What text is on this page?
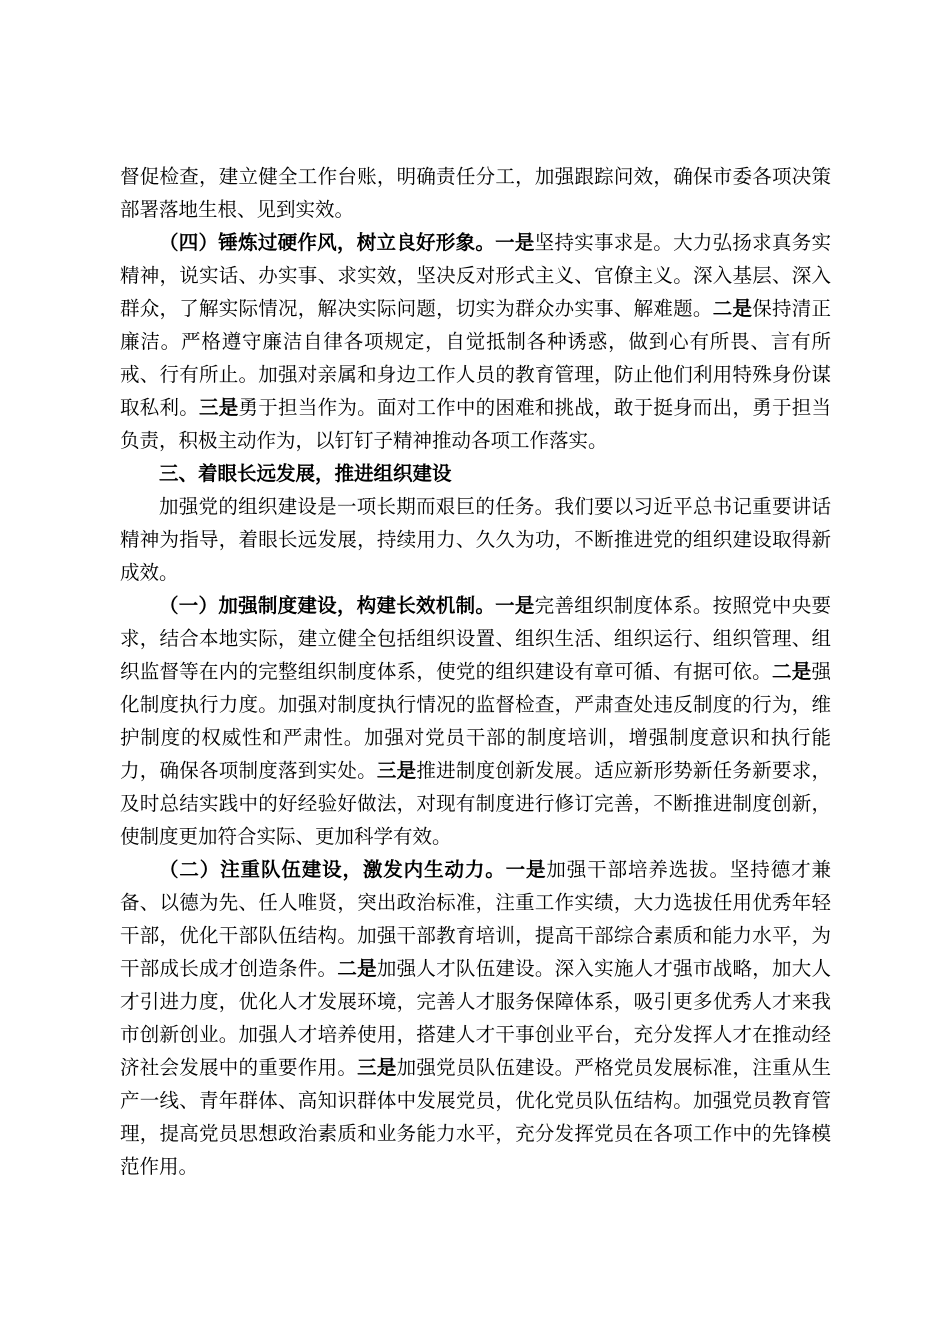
督促检查，建立健全工作台账，明确责任分工，加强跟踪问效，确保市委各项决策部署落地生根、见到实效。

（四）锤炼过硬作风，树立良好形象。一是坚持实事求是。大力弘扬求真务实精神，说实话、办实事、求实效，坚决反对形式主义、官僚主义。深入基层、深入群众，了解实际情况，解决实际问题，切实为群众办实事、解难题。二是保持清正廉洁。严格遵守廉洁自律各项规定，自觉抵制各种诱惑，做到心有所畏、言有所戒、行有所止。加强对亲属和身边工作人员的教育管理，防止他们利用特殊身份谋取私利。三是勇于担当作为。面对工作中的困难和挑战，敢于挺身而出，勇于担当负责，积极主动作为，以钉钉子精神推动各项工作落实。

三、着眼长远发展，推进组织建设

加强党的组织建设是一项长期而艰巨的任务。我们要以习近平总书记重要讲话精神为指导，着眼长远发展，持续用力、久久为功，不断推进党的组织建设取得新成效。

（一）加强制度建设，构建长效机制。一是完善组织制度体系。按照党中央要求，结合本地实际，建立健全包括组织设置、组织生活、组织运行、组织管理、组织监督等在内的完整组织制度体系，使党的组织建设有章可循、有据可依。二是强化制度执行力度。加强对制度执行情况的监督检查，严肃查处违反制度的行为，维护制度的权威性和严肃性。加强对党员干部的制度培训，增强制度意识和执行能力，确保各项制度落到实处。三是推进制度创新发展。适应新形势新任务新要求，及时总结实践中的好经验好做法，对现有制度进行修订完善，不断推进制度创新，使制度更加符合实际、更加科学有效。

（二）注重队伍建设，激发内生动力。一是加强干部培养选拔。坚持德才兼备、以德为先、任人唯贤，突出政治标准，注重工作实绩，大力选拔任用优秀年轻干部，优化干部队伍结构。加强干部教育培训，提高干部综合素质和能力水平，为干部成长成才创造条件。二是加强人才队伍建设。深入实施人才强市战略，加大人才引进力度，优化人才发展环境，完善人才服务保障体系，吸引更多优秀人才来我市创新创业。加强人才培养使用，搭建人才干事创业平台，充分发挥人才在推动经济社会发展中的重要作用。三是加强党员队伍建设。严格党员发展标准，注重从生产一线、青年群体、高知识群体中发展党员，优化党员队伍结构。加强党员教育管理，提高党员思想政治素质和业务能力水平，充分发挥党员在各项工作中的先锋模范作用。
